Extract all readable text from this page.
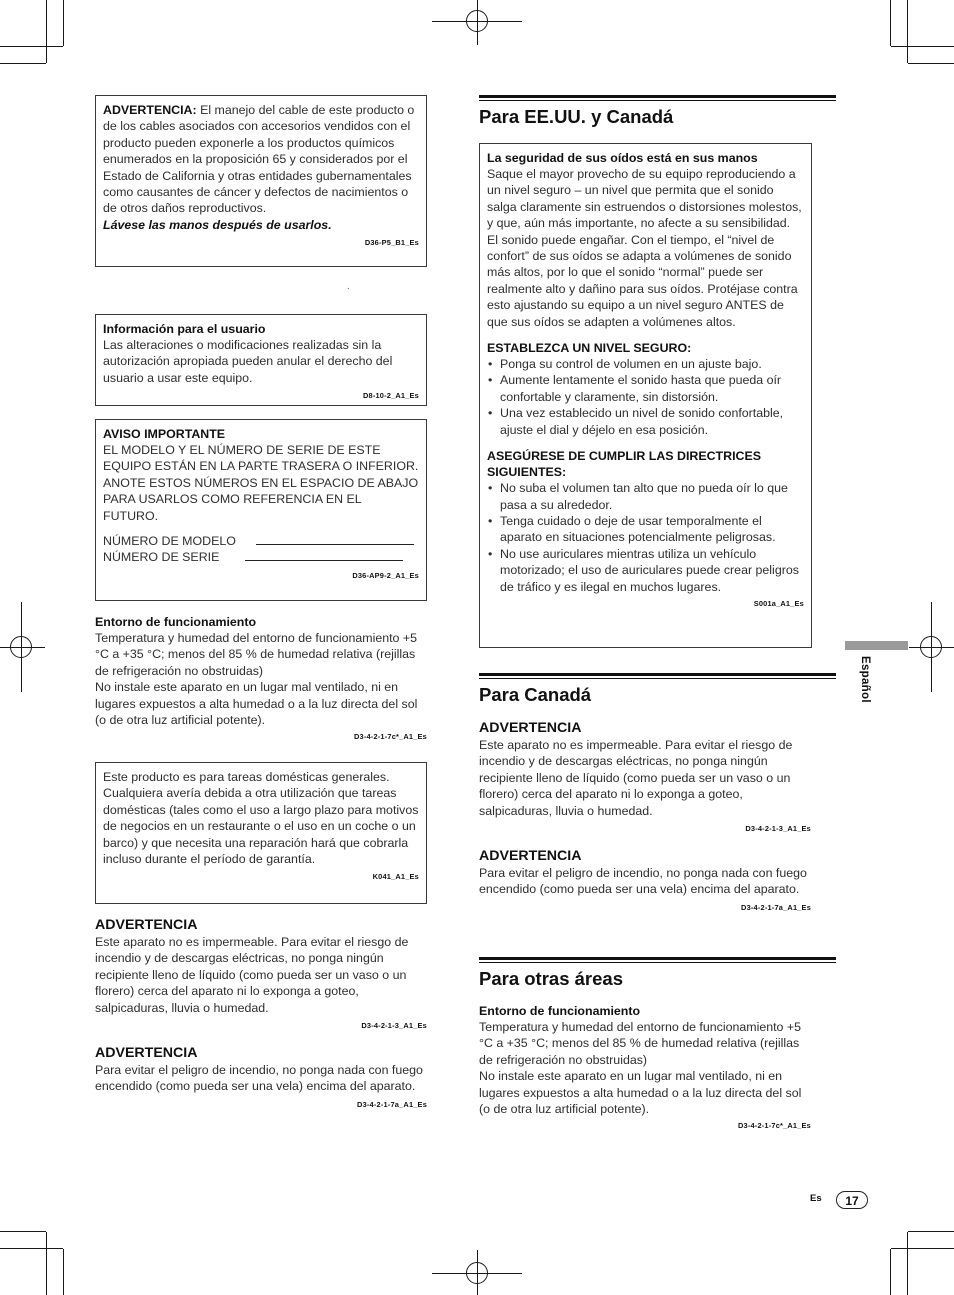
ADVERTENCIA: El manejo del cable de este producto o de los cables asociados con accesorios vendidos con el producto pueden exponerle a los productos químicos enumerados en la proposición 65 y considerados por el Estado de California y otras entidades gubernamentales como causantes de cáncer y defectos de nacimientos o de otros daños reproductivos.

Lávese las manos después de usarlos.

D36-P5_B1_Es
.
Información para el usuario

Las alteraciones o modificaciones realizadas sin la autorización apropiada pueden anular el derecho del usuario a usar este equipo.

D8-10-2_A1_Es
AVISO IMPORTANTE

EL MODELO Y EL NÚMERO DE SERIE DE ESTE EQUIPO ESTÁN EN LA PARTE TRASERA O INFERIOR.

ANOTE ESTOS NÚMEROS EN EL ESPACIO DE ABAJO PARA USARLOS COMO REFERENCIA EN EL FUTURO.

NÚMERO DE MODELO
NÚMERO DE SERIE
D36-AP9-2_A1_Es
Entorno de funcionamiento

Temperatura y humedad del entorno de funcionamiento +5 °C a +35 °C; menos del 85 % de humedad relativa (rejillas de refrigeración no obstruidas)

No instale este aparato en un lugar mal ventilado, ni en lugares expuestos a alta humedad o a la luz directa del sol (o de otra luz artificial potente).

D3-4-2-1-7c*_A1_Es

Este producto es para tareas domésticas generales. Cualquiera avería debida a otra utilización que tareas domésticas (tales como el uso a largo plazo para motivos de negocios en un restaurante o el uso en un coche o un barco) y que necesita una reparación hará que cobrarla incluso durante el período de garantía.

K041_A1_Es
ADVERTENCIA

Este aparato no es impermeable. Para evitar el riesgo de incendio y de descargas eléctricas, no ponga ningún recipiente lleno de líquido (como pueda ser un vaso o un florero) cerca del aparato ni lo exponga a goteo, salpicaduras, lluvia o humedad.

D3-4-2-1-3_A1_Es
ADVERTENCIA

Para evitar el peligro de incendio, no ponga nada con fuego encendido (como pueda ser una vela) encima del aparato.

D3-4-2-1-7a_A1_Es
Para EE.UU. y Canadá
La seguridad de sus oídos está en sus manos

Saque el mayor provecho de su equipo reproduciendo a un nivel seguro – un nivel que permita que el sonido salga claramente sin estruendos o distorsiones molestos, y que, aún más importante, no afecte a su sensibilidad. El sonido puede engañar. Con el tiempo, el “nivel de confort” de sus oídos se adapta a volúmenes de sonido más altos, por lo que el sonido “normal” puede ser realmente alto y dañino para sus oídos. Protéjase contra esto ajustando su equipo a un nivel seguro ANTES de que sus oídos se adapten a volúmenes altos.

ESTABLEZCA UN NIVEL SEGURO:
• Ponga su control de volumen en un ajuste bajo.
• Aumente lentamente el sonido hasta que pueda oír confortable y claramente, sin distorsión.
• Una vez establecido un nivel de sonido confortable, ajuste el dial y déjelo en esa posición.
ASEGÚRESE DE CUMPLIR LAS DIRECTRICES SIGUIENTES:
• No suba el volumen tan alto que no pueda oír lo que pasa a su alrededor.
• Tenga cuidado o deje de usar temporalmente el aparato en situaciones potencialmente peligrosas.
• No use auriculares mientras utiliza un vehículo motorizado; el uso de auriculares puede crear peligros de tráfico y es ilegal en muchos lugares.
S001a_A1_Es
Para Canadá
ADVERTENCIA

Este aparato no es impermeable. Para evitar el riesgo de incendio y de descargas eléctricas, no ponga ningún recipiente lleno de líquido (como pueda ser un vaso o un florero) cerca del aparato ni lo exponga a goteo, salpicaduras, lluvia o humedad.

D3-4-2-1-3_A1_Es
ADVERTENCIA

Para evitar el peligro de incendio, no ponga nada con fuego encendido (como pueda ser una vela) encima del aparato.

D3-4-2-1-7a_A1_Es
Para otras áreas
Entorno de funcionamiento

Temperatura y humedad del entorno de funcionamiento +5 °C a +35 °C; menos del 85 % de humedad relativa (rejillas de refrigeración no obstruidas)

No instale este aparato en un lugar mal ventilado, ni en lugares expuestos a alta humedad o a la luz directa del sol (o de otra luz artificial potente).

D3-4-2-1-7c*_A1_Es
Español
Es	17
